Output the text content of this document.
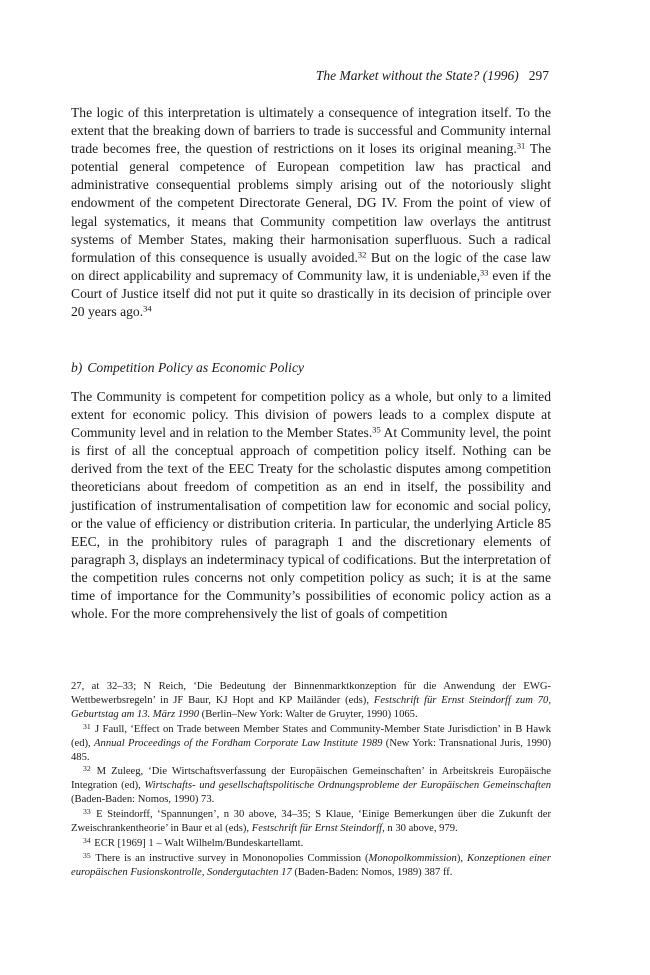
The Market without the State? (1996) 297

The logic of this interpretation is ultimately a consequence of integration itself. To the extent that the breaking down of barriers to trade is successful and Community internal trade becomes free, the question of restrictions on it loses its original meaning.$^{31}$ The potential general competence of European competition law has practical and administrative consequential problems simply arising out of the notoriously slight endowment of the competent Directorate General, DG IV. From the point of view of legal systematics, it means that Community competition law overlays the antitrust systems of Member States, making their harmonisation superfluous. Such a radical formulation of this consequence is usually avoided.$^{32}$ But on the logic of the case law on direct applicability and supremacy of Community law, it is undeniable,$^{33}$ even if the Court of Justice itself did not put it quite so drastically in its decision of principle over 20 years ago.$^{34}$

b) Competition Policy as Economic Policy

The Community is competent for competition policy as a whole, but only to a limited extent for economic policy. This division of powers leads to a complex dispute at Community level and in relation to the Member States.$^{35}$ At Community level, the point is first of all the conceptual approach of competition policy itself. Nothing can be derived from the text of the EEC Treaty for the scholastic disputes among competition theoreticians about freedom of competition as an end in itself, the possibility and justification of instrumentalisation of competition law for economic and social policy, or the value of efficiency or distribution criteria. In particular, the underlying Article 85 EEC, in the prohibitory rules of paragraph 1 and the discretionary elements of paragraph 3, displays an indeterminacy typical of codifications. But the interpretation of the competition rules concerns not only competition policy as such; it is at the same time of importance for the Community’s possibilities of economic policy action as a whole. For the more comprehensively the list of goals of competition

27, at 32–33; N Reich, ‘Die Bedeutung der Binnenmarktkonzeption für die Anwendung der EWG-Wettbewerbsregeln’ in JF Baur, KJ Hopt and KP Mailänder (eds), Festschrift für Ernst Steindorff zum 70, Geburtstag am 13. März 1990 (Berlin–New York: Walter de Gruyter, 1990) 1065.

$^{31}$ J Faull, ‘Effect on Trade between Member States and Community-Member State Jurisdiction’ in B Hawk (ed), Annual Proceedings of the Fordham Corporate Law Institute 1989 (New York: Transnational Juris, 1990) 485.

$^{32}$ M Zuleeg, ‘Die Wirtschaftsverfassung der Europäischen Gemeinschaften’ in Arbeitskreis Europäische Integration (ed), Wirtschafts- und gesellschaftspolitische Ordnungsprobleme der Europäischen Gemeinschaften (Baden-Baden: Nomos, 1990) 73.

$^{33}$ E Steindorff, ‘Spannungen’, n 30 above, 34–35; S Klaue, ‘Einige Bemerkungen über die Zukunft der Zweischrankentheorie’ in Baur et al (eds), Festschrift für Ernst Steindorff, n 30 above, 979.

$^{34}$ ECR [1969] 1 – Walt Wilhelm/Bundeskartellamt.

$^{35}$ There is an instructive survey in Mononopolies Commission (Monopolkommission), Konzeptionen einer europäischen Fusionskontrolle, Sondergutachten 17 (Baden-Baden: Nomos, 1989) 387 ff.
